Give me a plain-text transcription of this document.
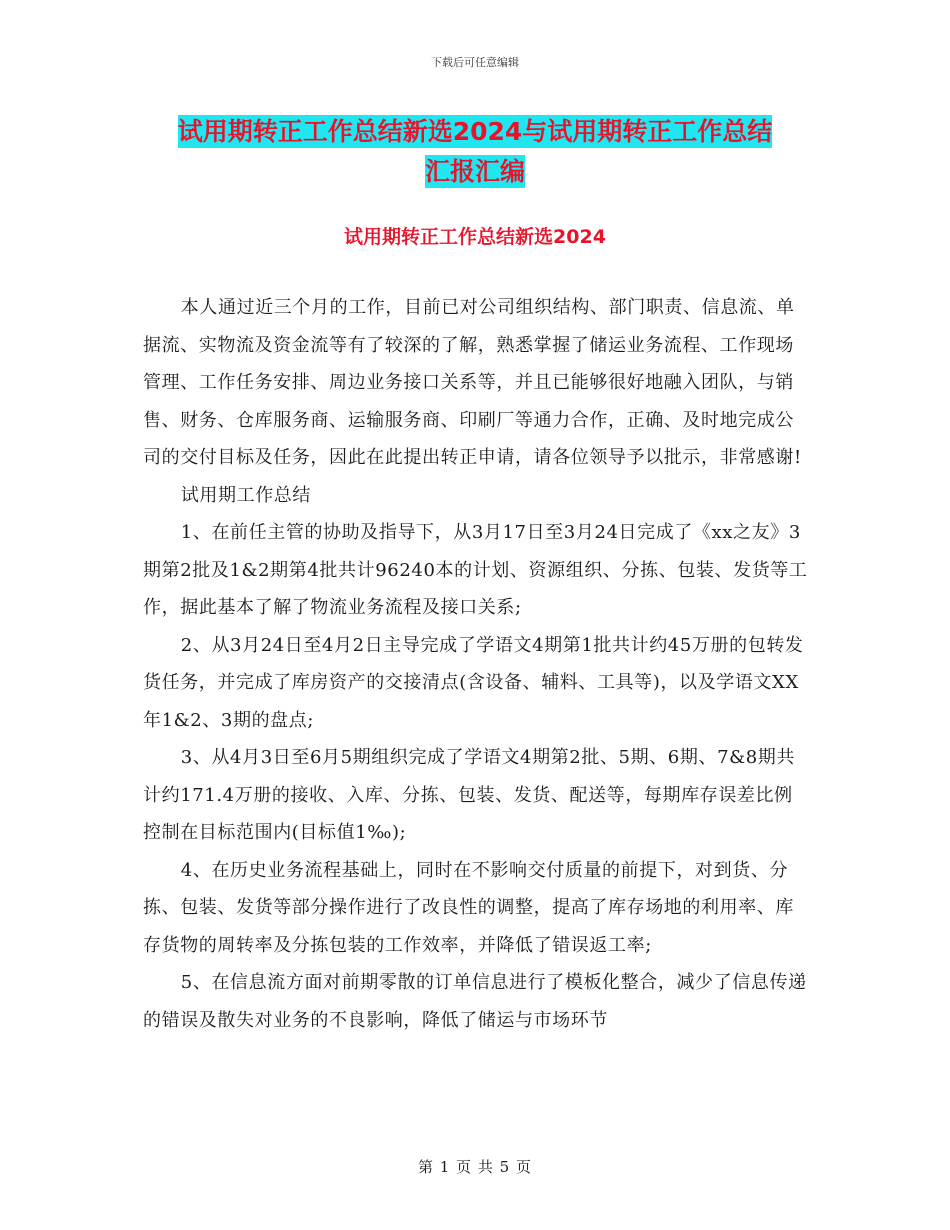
下载后可任意编辑
试用期转正工作总结新选2024与试用期转正工作总结
汇报汇编
试用期转正工作总结新选2024

本人通过近三个月的工作，目前已对公司组织结构、部门职责、信息流、单据流、实物流及资金流等有了较深的了解，熟悉掌握了储运业务流程、工作现场管理、工作任务安排、周边业务接口关系等，并且已能够很好地融入团队，与销售、财务、仓库服务商、运输服务商、印刷厂等通力合作，正确、及时地完成公司的交付目标及任务，因此在此提出转正申请，请各位领导予以批示，非常感谢!

试用期工作总结

1、在前任主管的协助及指导下，从3月17日至3月24日完成了《xx之友》3期第2批及1&2期第4批共计96240本的计划、资源组织、分拣、包装、发货等工作，据此基本了解了物流业务流程及接口关系;

2、从3月24日至4月2日主导完成了学语文4期第1批共计约45万册的包转发货任务，并完成了库房资产的交接清点(含设备、辅料、工具等)，以及学语文XX年1&2、3期的盘点;

3、从4月3日至6月5期组织完成了学语文4期第2批、5期、6期、7&8期共计约171.4万册的接收、入库、分拣、包装、发货、配送等，每期库存误差比例控制在目标范围内(目标值1‰);

4、在历史业务流程基础上，同时在不影响交付质量的前提下，对到货、分拣、包装、发货等部分操作进行了改良性的调整，提高了库存场地的利用率、库存货物的周转率及分拣包装的工作效率，并降低了错误返工率;

5、在信息流方面对前期零散的订单信息进行了模板化整合，减少了信息传递的错误及散失对业务的不良影响，降低了储运与市场环节

第 1 页 共 5 页
